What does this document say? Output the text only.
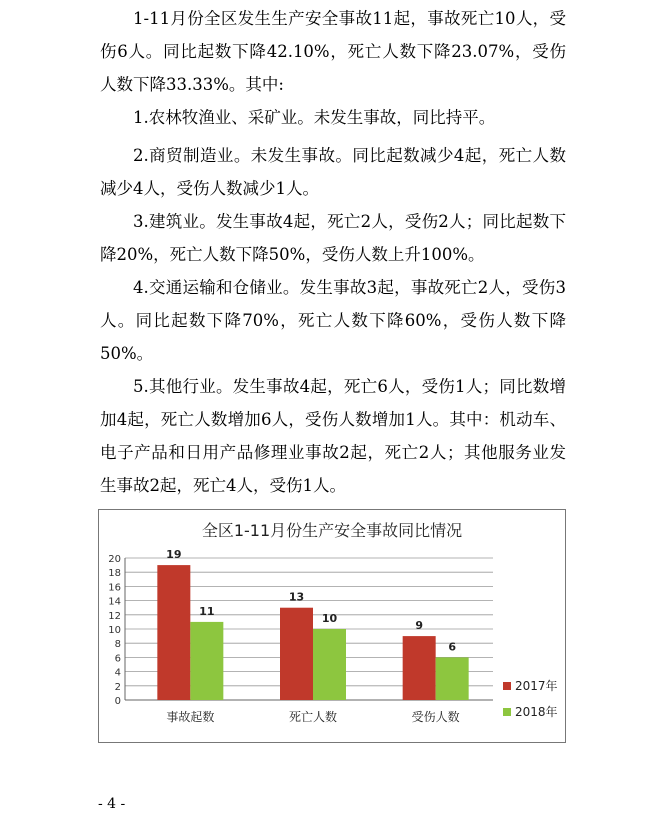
1-11月份全区发生生产安全事故11起，事故死亡10人，受伤6人。同比起数下降42.10%，死亡人数下降23.07%，受伤人数下降33.33%。其中:

1.农林牧渔业、采矿业。未发生事故，同比持平。

2.商贸制造业。未发生事故。同比起数减少4起，死亡人数减少4人，受伤人数减少1人。

3.建筑业。发生事故4起，死亡2人，受伤2人；同比起数下降20%，死亡人数下降50%，受伤人数上升100%。

4.交通运输和仓储业。发生事故3起，事故死亡2人，受伤3人。同比起数下降70%，死亡人数下降60%，受伤人数下降50%。

5.其他行业。发生事故4起，死亡6人，受伤1人；同比数增加4起，死亡人数增加6人，受伤人数增加1人。其中：机动车、电子产品和日用产品修理业事故2起，死亡2人；其他服务业发生事故2起，死亡4人，受伤1人。

全区1-11月份生产安全事故同比情况
0
2
4
6
8
10
12
14
16
18
20	19
11
事故起数
13
10
死亡人数
9
6
受伤人数
2017年
2018年
- 4 -
